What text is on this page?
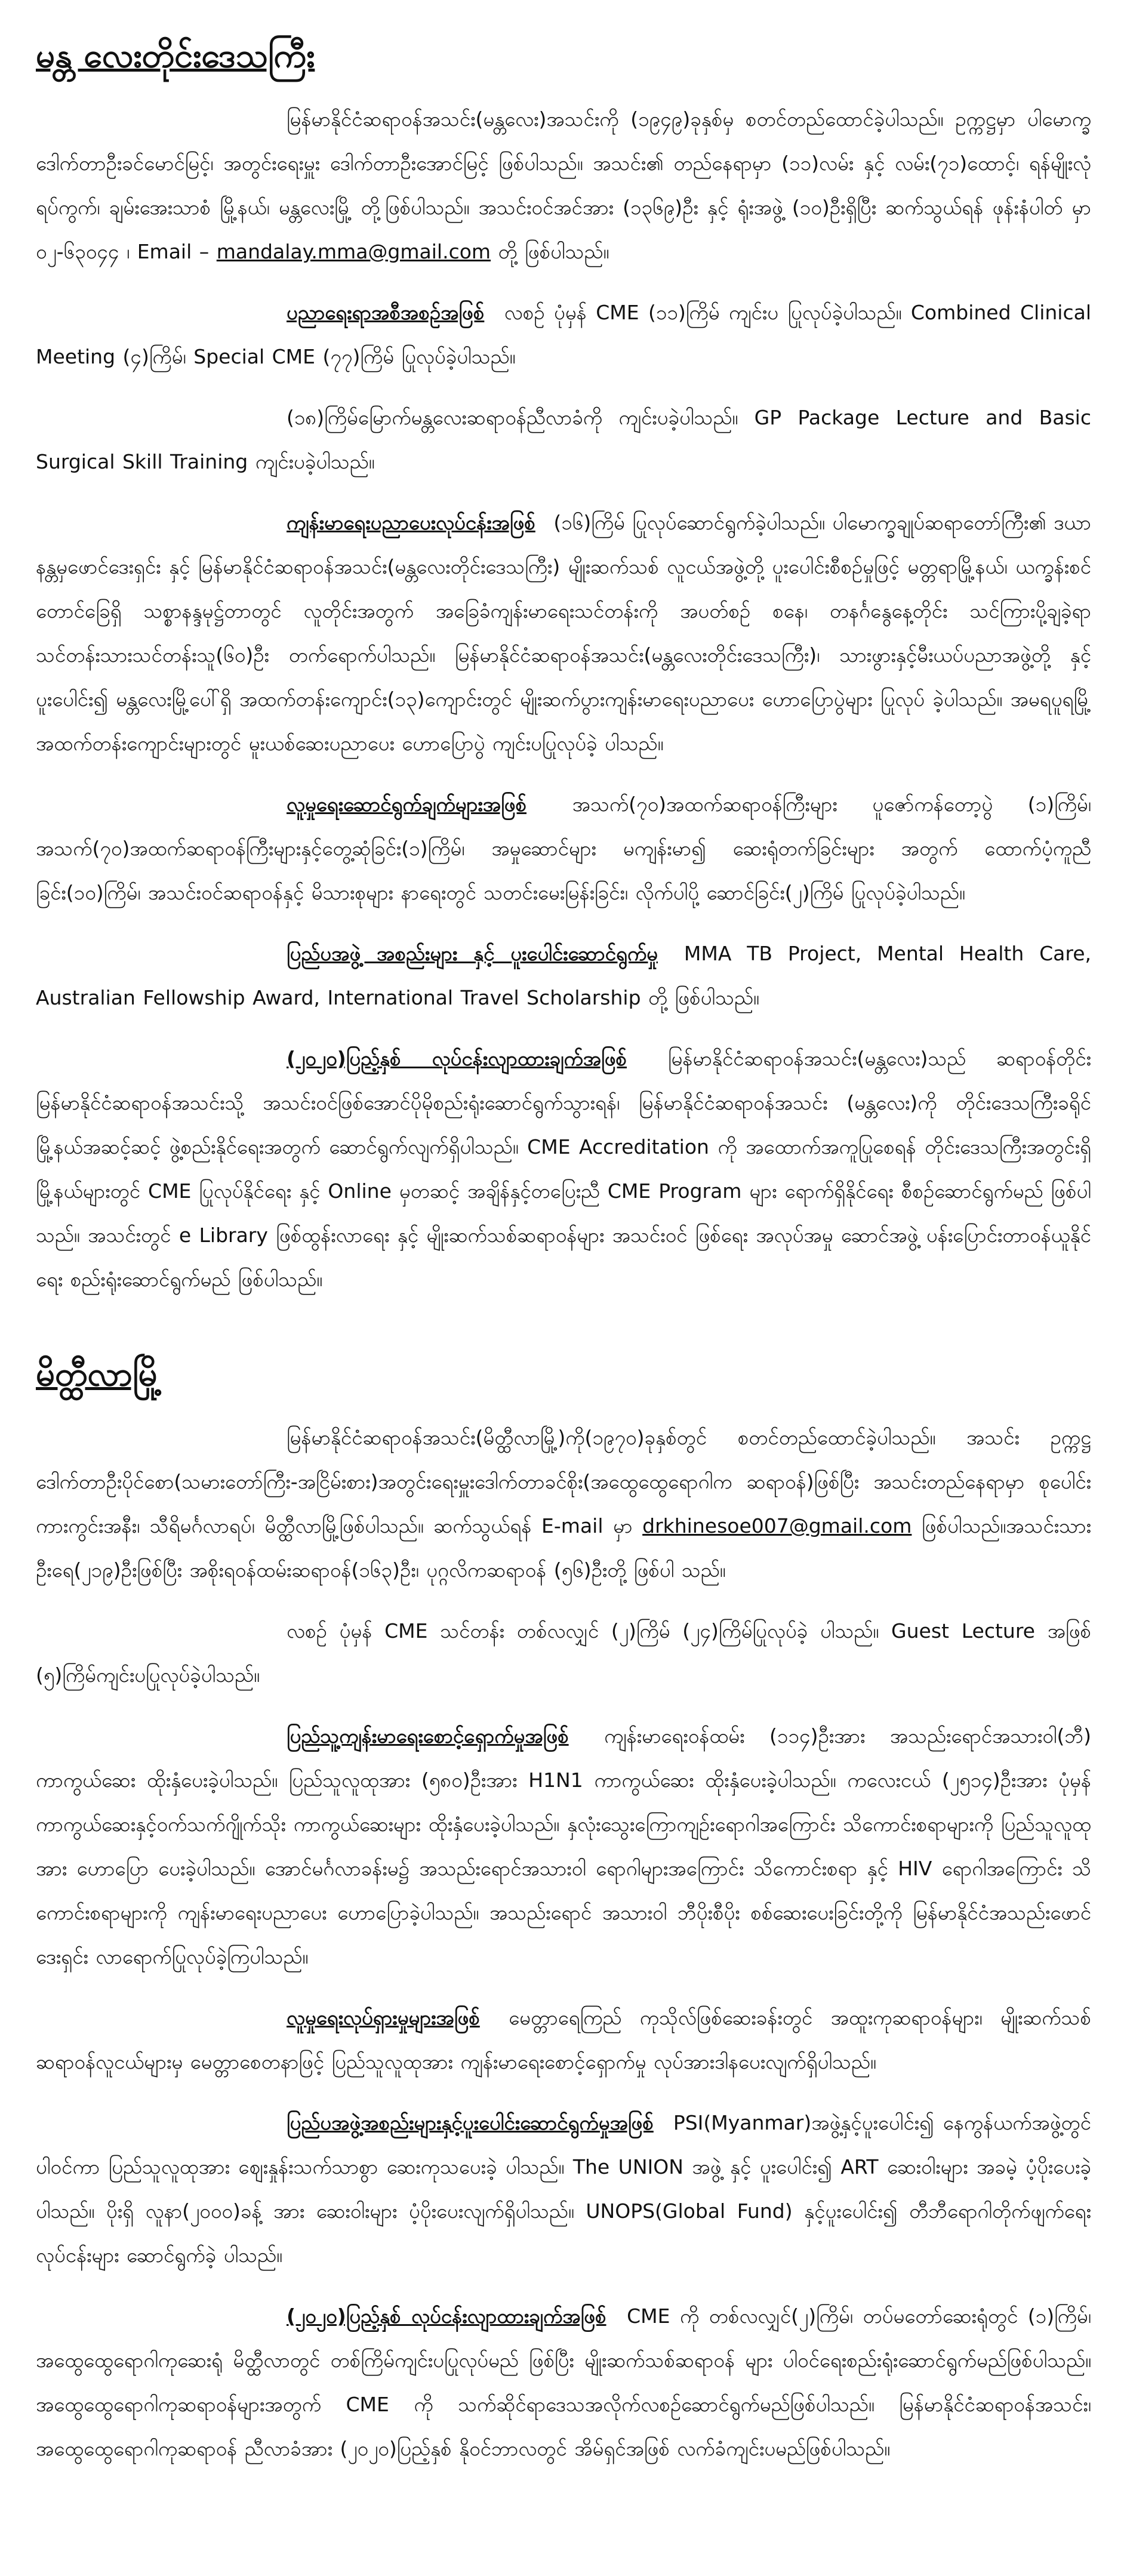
မန္တ လေးတိုင်းဒေသကြီး

မြန်မာနိုင်ငံဆရာဝန်အသင်း(မန္တလေး)အသင်းကို (၁၉၄၉)ခုနှစ်မှ စတင်တည်ထောင်ခဲ့ပါသည်။ ဥက္ကဋ္ဌမှာ ပါမောက္ခဒေါက်တာဦးခင်မောင်မြင့်၊ အတွင်းရေးမှူး ဒေါက်တာဦးအောင်မြင့် ဖြစ်ပါသည်။ အသင်း၏ တည်နေရာမှာ (၁၁)လမ်း နှင့် လမ်း(၇၁)ထောင့်၊ ရန်မျိုးလုံရပ်ကွက်၊ ချမ်းအေးသာစံ မြို့နယ်၊ မန္တလေးမြို့ တို့ဖြစ်ပါသည်။ အသင်းဝင်အင်အား (၁၃၆၉)ဦး နှင့် ရုံးအဖွဲ့ (၁၀)ဦးရှိပြီး ဆက်သွယ်ရန် ဖုန်းနံပါတ် မှာ ၀၂-၆၃၀၄၄ ၊ Email – mandalay.mma@gmail.com တို့ ဖြစ်ပါသည်။

ပညာရေးရာအစီအစဉ်အဖြစ် လစဉ် ပုံမှန် CME (၁၁)ကြိမ် ကျင်းပ ပြုလုပ်ခဲ့ပါသည်။ Combined Clinical Meeting (၄)ကြိမ်၊ Special CME (၇၇)ကြိမ် ပြုလုပ်ခဲ့ပါသည်။

(၁၈)ကြိမ်မြောက်မန္တလေးဆရာဝန်ညီလာခံကို ကျင်းပခဲ့ပါသည်။ GP Package Lecture and Basic Surgical Skill Training ကျင်းပခဲ့ပါသည်။

ကျန်းမာရေးပညာပေးလုပ်ငန်းအဖြစ် (၁၆)ကြိမ် ပြုလုပ်ဆောင်ရွက်ခဲ့ပါသည်။ ပါမောက္ခချုပ်ဆရာတော်ကြီး၏ ဒယာနန္တမှဖောင်ဒေးရှင်း နှင့် မြန်မာနိုင်ငံဆရာဝန်အသင်း(မန္တလေးတိုင်းဒေသကြီး) မျိုးဆက်သစ် လူငယ်အဖွဲ့တို့ ပူးပေါင်းစီစဉ်မှုဖြင့် မတ္တရာမြို့နယ်၊ ယက္ခန်းစင်တောင်ခြေရှိ သစ္စာနန္ဒမုဋ္ဌ်တာတွင် လူတိုင်းအတွက် အခြေခံကျန်းမာရေးသင်တန်းကို အပတ်စဉ် စနေ၊ တနင်္ဂနွေနေ့တိုင်း သင်ကြားပို့ချခဲ့ရာ သင်တန်းသားသင်တန်းသူ(၆၀)ဦး တက်ရောက်ပါသည်။ မြန်မာနိုင်ငံဆရာဝန်အသင်း(မန္တလေးတိုင်းဒေသကြီး)၊ သားဖွားနှင့်မီးယပ်ပညာအဖွဲ့တို့ နှင့်ပူးပေါင်း၍ မန္တလေးမြို့ပေါ်ရှိ အထက်တန်းကျောင်း(၁၃)ကျောင်းတွင် မျိုးဆက်ပွားကျန်းမာရေးပညာပေး ဟောပြောပွဲများ ပြုလုပ် ခဲ့ပါသည်။ အမရပူရမြို့ အထက်တန်းကျောင်းများတွင် မူးယစ်ဆေးပညာပေး ဟောပြောပွဲ ကျင်းပပြုလုပ်ခဲ့ ပါသည်။

လူမှုရေးဆောင်ရွက်ချက်များအဖြစ် အသက်(၇၀)အထက်ဆရာဝန်ကြီးများ ပူဇော်ကန်တော့ပွဲ (၁)ကြိမ်၊ အသက်(၇၀)အထက်ဆရာဝန်ကြီးများနှင့်တွေ့ဆုံခြင်း(၁)ကြိမ်၊ အမှုဆောင်များ မကျန်းမာ၍ ဆေးရုံတက်ခြင်းများ အတွက် ထောက်ပံ့ကူညီခြင်း(၁၀)ကြိမ်၊ အသင်းဝင်ဆရာဝန်နှင့် မိသားစုများ နာရေးတွင် သတင်းမေးမြန်းခြင်း၊ လိုက်ပါပို့ ဆောင်ခြင်း(၂)ကြိမ် ပြုလုပ်ခဲ့ပါသည်။

ပြည်ပအဖွဲ့ အစည်းများ နှင့် ပူးပေါင်းဆောင်ရွက်မှု MMA TB Project, Mental Health Care, Australian Fellowship Award, International Travel Scholarship တို့ ဖြစ်ပါသည်။

(၂၀၂၀)ပြည့်နှစ် လုပ်ငန်းလျာထားချက်အဖြစ် မြန်မာနိုင်ငံဆရာဝန်အသင်း(မန္တလေး)သည် ဆရာဝန်တိုင်းမြန်မာနိုင်ငံဆရာဝန်အသင်းသို့ အသင်းဝင်ဖြစ်အောင်ပိုမိုစည်းရုံးဆောင်ရွက်သွားရန်၊ မြန်မာနိုင်ငံဆရာဝန်အသင်း (မန္တလေး)ကို တိုင်းဒေသကြီးခရိုင်မြို့နယ်အဆင့်ဆင့် ဖွဲ့စည်းနိုင်ရေးအတွက် ဆောင်ရွက်လျက်ရှိပါသည်။ CME Accreditation ကို အထောက်အကူပြုစေရန် တိုင်းဒေသကြီးအတွင်းရှိ မြို့နယ်များတွင် CME ပြုလုပ်နိုင်ရေး နှင့် Online မှတဆင့် အချိန်နှင့်တပြေးညီ CME Program များ ရောက်ရှိနိုင်ရေး စီစဉ်ဆောင်ရွက်မည် ဖြစ်ပါ သည်။ အသင်းတွင် e Library ဖြစ်ထွန်းလာရေး နှင့် မျိုးဆက်သစ်ဆရာဝန်များ အသင်းဝင် ဖြစ်ရေး အလုပ်အမှု ဆောင်အဖွဲ့ ပန်းပြောင်းတာဝန်ယူနိုင်ရေး စည်းရုံးဆောင်ရွက်မည် ဖြစ်ပါသည်။

မိတ္ထီလာမြို့

မြန်မာနိုင်ငံဆရာဝန်အသင်း(မိတ္ထီလာမြို့)ကို(၁၉၇၀)ခုနှစ်တွင် စတင်တည်ထောင်ခဲ့ပါသည်။ အသင်း ဥက္ကဋ္ဌ ဒေါက်တာဦးပိုင်စော(သမားတော်ကြီး-အငြိမ်းစား)အတွင်းရေးမှူးဒေါက်တာခင်စိုး(အထွေထွေရောဂါက ဆရာဝန်)ဖြစ်ပြီး အသင်းတည်နေရာမှာ စုပေါင်းကားကွင်းအနီး၊ သီရိမင်္ဂလာရပ်၊ မိတ္ထီလာမြို့ဖြစ်ပါသည်။ ဆက်သွယ်ရန် E-mail မှာ drkhinesoe007@gmail.com ဖြစ်ပါသည်။အသင်းသားဦးရေ(၂၁၉)ဦးဖြစ်ပြီး အစိုးရဝန်ထမ်းဆရာဝန်(၁၆၃)ဦး၊ ပုဂ္ဂလိကဆရာဝန် (၅၆)ဦးတို့ ဖြစ်ပါ သည်။

လစဉ် ပုံမှန် CME သင်တန်း တစ်လလျှင် (၂)ကြိမ် (၂၄)ကြိမ်ပြုလုပ်ခဲ့ ပါသည်။ Guest Lecture အဖြစ် (၅)ကြိမ်ကျင်းပပြုလုပ်ခဲ့ပါသည်။

ပြည်သူ့ကျန်းမာရေးစောင့်ရှောက်မှုအဖြစ် ကျန်းမာရေးဝန်ထမ်း (၁၁၄)ဦးအား အသည်းရောင်အသားဝါ(ဘီ) ကာကွယ်ဆေး ထိုးနှံပေးခဲ့ပါသည်။ ပြည်သူလူထုအား (၅၈၀)ဦးအား H1N1 ကာကွယ်ဆေး ထိုးနှံပေးခဲ့ပါသည်။ ကလေးငယ် (၂၅၁၄)ဦးအား ပုံမှန်ကာကွယ်ဆေးနှင့်ဝက်သက်ဂျိုက်သိုး ကာကွယ်ဆေးများ ထိုးနှံပေးခဲ့ပါသည်။ နှလုံးသွေးကြောကျဉ်းရောဂါအကြောင်း သိကောင်းစရာများကို ပြည်သူလူထုအား ဟောပြော ပေးခဲ့ပါသည်။ အောင်မင်္ဂလာခန်းမ၌ အသည်းရောင်အသားဝါ ရောဂါများအကြောင်း သိကောင်းစရာ နှင့် HIV ရောဂါအကြောင်း သိကောင်းစရာများကို ကျန်းမာရေးပညာပေး ဟောပြောခဲ့ပါသည်။ အသည်းရောင် အသားဝါ ဘီပိုးစီပိုး စစ်ဆေးပေးခြင်းတို့ကို မြန်မာနိုင်ငံအသည်းဖောင်ဒေးရှင်း လာရောက်ပြုလုပ်ခဲ့ကြပါသည်။

လူမှုရေးလုပ်ရှားမှုများအဖြစ် မေတ္တာရေကြည် ကုသိုလ်ဖြစ်ဆေးခန်းတွင် အထူးကုဆရာဝန်များ၊ မျိုးဆက်သစ်ဆရာဝန်လူငယ်များမှ မေတ္တာစေတနာဖြင့် ပြည်သူလူထုအား ကျန်းမာရေးစောင့်ရှောက်မှု လုပ်အားဒါနပေးလျက်ရှိပါသည်။

ပြည်ပအဖွဲ့အစည်းများနှင့်ပူးပေါင်းဆောင်ရွက်မှုအဖြစ် PSI(Myanmar)အဖွဲ့နှင့်ပူးပေါင်း၍ နေကွန်ယက်အဖွဲ့တွင် ပါဝင်ကာ ပြည်သူလူထုအား ဈေးနှုန်းသက်သာစွာ ဆေးကုသပေးခဲ့ ပါသည်။ The UNION အဖွဲ့ နှင့် ပူးပေါင်း၍ ART ဆေးဝါးများ အခမဲ့ ပံ့ပိုးပေးခဲ့ ပါသည်။ ပိုးရှိ လူနာ(၂၀၀၀)ခန့် အား ဆေးဝါးများ ပံ့ပိုးပေးလျက်ရှိပါသည်။ UNOPS(Global Fund) နှင့်ပူးပေါင်း၍ တီဘီရောဂါတိုက်ဖျက်ရေးလုပ်ငန်းများ ဆောင်ရွက်ခဲ့ ပါသည်။

(၂၀၂၀)ပြည့်နှစ် လုပ်ငန်းလျာထားချက်အဖြစ် CME ကို တစ်လလျှင်(၂)ကြိမ်၊ တပ်မတော်ဆေးရုံတွင် (၁)ကြိမ်၊ အထွေထွေရောဂါကုဆေးရုံ မိတ္ထီလာတွင် တစ်ကြိမ်ကျင်းပပြုလုပ်မည် ဖြစ်ပြီး မျိုးဆက်သစ်ဆရာဝန် များ ပါဝင်ရေးစည်းရုံးဆောင်ရွက်မည်ဖြစ်ပါသည်။ အထွေထွေရောဂါကုဆရာဝန်များအတွက် CME ကို သက်ဆိုင်ရာဒေသအလိုက်လစဉ်ဆောင်ရွက်မည်ဖြစ်ပါသည်။ မြန်မာနိုင်ငံဆရာဝန်အသင်း၊ အထွေထွေရောဂါကုဆရာဝန် ညီလာခံအား (၂၀၂၀)ပြည့်နှစ် နိုဝင်ဘာလတွင် အိမ်ရှင်အဖြစ် လက်ခံကျင်းပမည်ဖြစ်ပါသည်။
